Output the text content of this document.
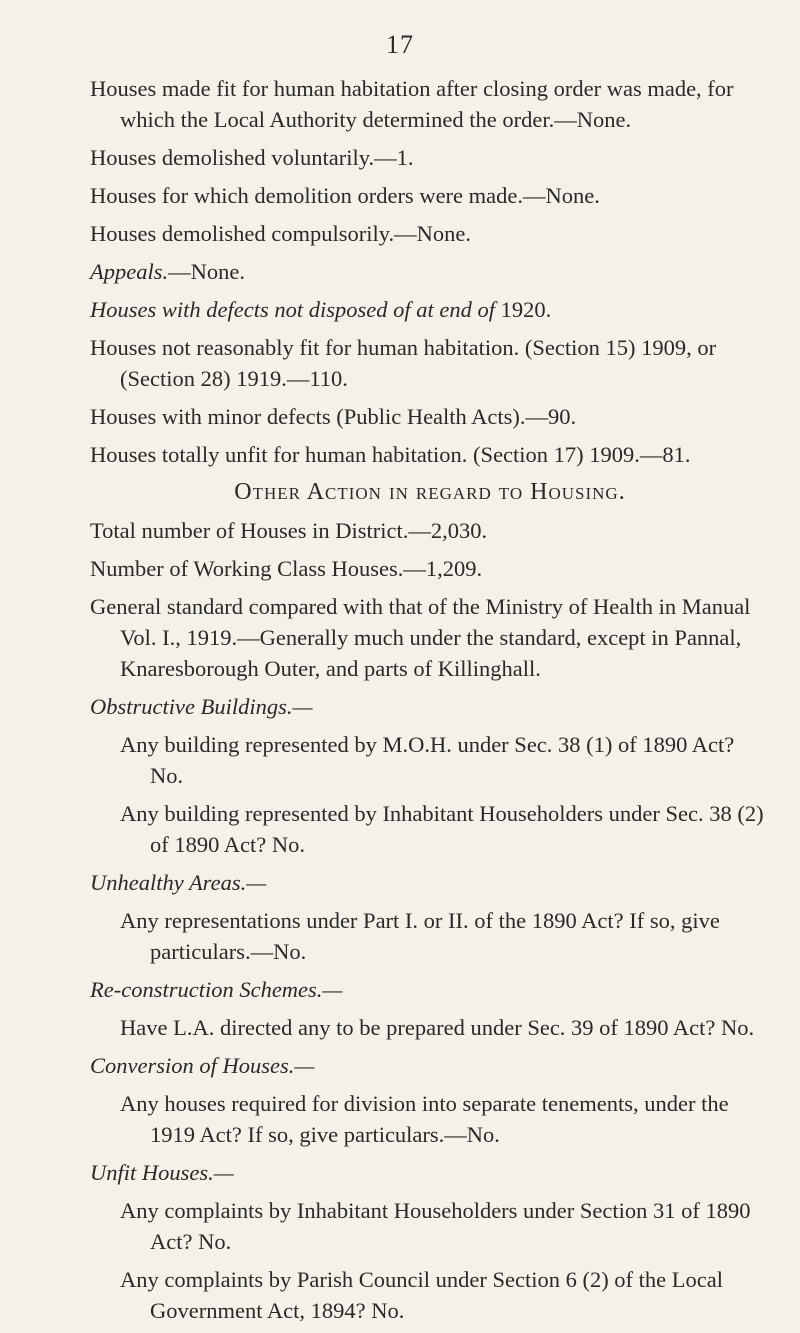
17

Houses made fit for human habitation after closing order was made, for which the Local Authority determined the order.—None.

Houses demolished voluntarily.—1.

Houses for which demolition orders were made.—None.

Houses demolished compulsorily.—None.

Appeals.—None.

Houses with defects not disposed of at end of 1920.

Houses not reasonably fit for human habitation. (Section 15) 1909, or (Section 28) 1919.—110.

Houses with minor defects (Public Health Acts).—90.

Houses totally unfit for human habitation. (Section 17) 1909.—81.

Other Action in regard to Housing.

Total number of Houses in District.—2,030.

Number of Working Class Houses.—1,209.

General standard compared with that of the Ministry of Health in Manual Vol. I., 1919.—Generally much under the standard, except in Pannal, Knaresborough Outer, and parts of Killinghall.

Obstructive Buildings.—

Any building represented by M.O.H. under Sec. 38 (1) of 1890 Act? No.

Any building represented by Inhabitant Householders under Sec. 38 (2) of 1890 Act? No.

Unhealthy Areas.—

Any representations under Part I. or II. of the 1890 Act? If so, give particulars.—No.

Re-construction Schemes.—

Have L.A. directed any to be prepared under Sec. 39 of 1890 Act? No.

Conversion of Houses.—

Any houses required for division into separate tenements, under the 1919 Act? If so, give particulars.—No.

Unfit Houses.—

Any complaints by Inhabitant Householders under Section 31 of 1890 Act? No.

Any complaints by Parish Council under Section 6 (2) of the Local Government Act, 1894? No.
